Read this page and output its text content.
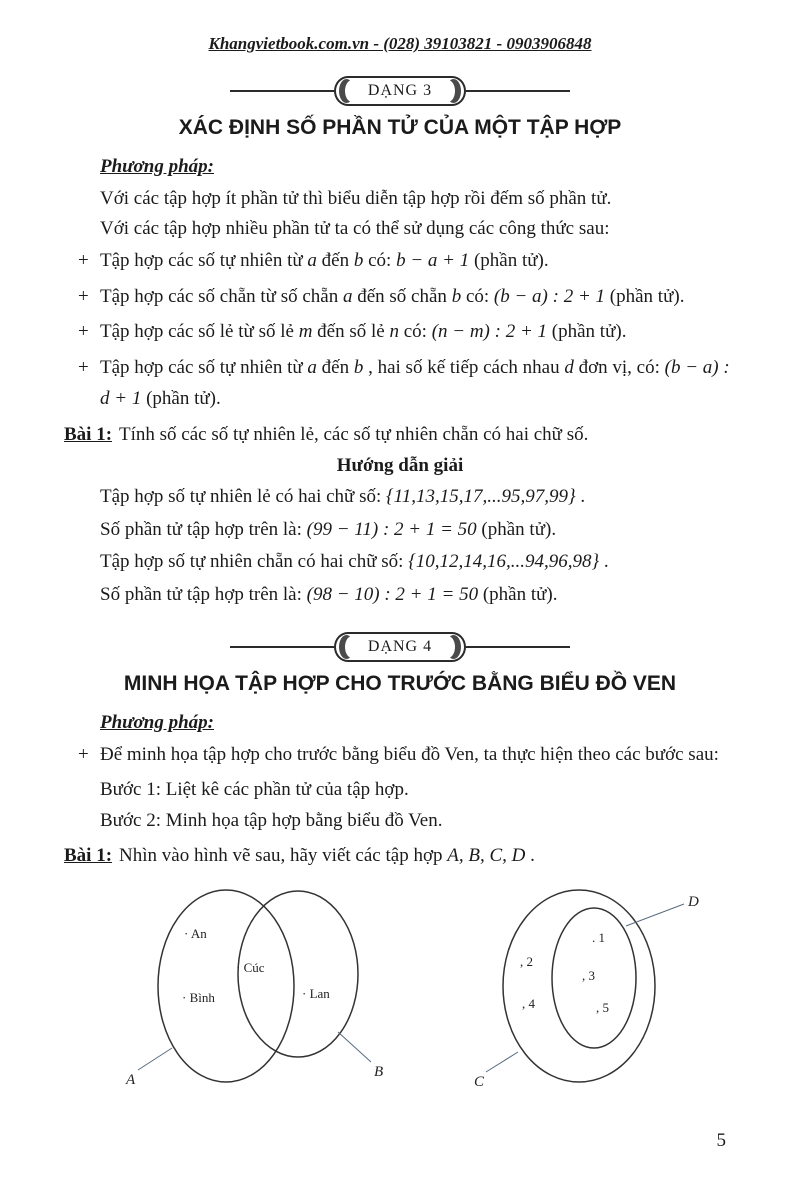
Khangvietbook.com.vn - (028) 39103821 - 0903906848
DẠNG 3
XÁC ĐỊNH SỐ PHẦN TỬ CỦA MỘT TẬP HỢP
Phương pháp:

Với các tập hợp ít phần tử thì biểu diễn tập hợp rồi đếm số phần tử.

Với các tập hợp nhiều phần tử ta có thể sử dụng các công thức sau:

+ Tập hợp các số tự nhiên từ a đến b có: b − a + 1 (phần tử).
+ Tập hợp các số chẵn từ số chẵn a đến số chẵn b có: (b − a) : 2 + 1 (phần tử).
+ Tập hợp các số lẻ từ số lẻ m đến số lẻ n có: (n − m) : 2 + 1 (phần tử).
+ Tập hợp các số tự nhiên từ a đến b , hai số kế tiếp cách nhau d đơn vị, có: (b − a) : d + 1 (phần tử).

Bài 1: Tính số các số tự nhiên lẻ, các số tự nhiên chẵn có hai chữ số.

Hướng dẫn giải

Tập hợp số tự nhiên lẻ có hai chữ số: {11,13,15,17,...95,97,99} .

Số phần tử tập hợp trên là: (99 − 11) : 2 + 1 = 50 (phần tử).

Tập hợp số tự nhiên chẵn có hai chữ số: {10,12,14,16,...94,96,98} .

Số phần tử tập hợp trên là: (98 − 10) : 2 + 1 = 50 (phần tử).

DẠNG 4
MINH HỌA TẬP HỢP CHO TRƯỚC BẰNG BIỂU ĐỒ VEN
Phương pháp:
+ Để minh họa tập hợp cho trước bằng biểu đồ Ven, ta thực hiện theo các bước sau:

Bước 1: Liệt kê các phần tử của tập hợp.

Bước 2: Minh họa tập hợp bằng biểu đồ Ven.

Bài 1: Nhìn vào hình vẽ sau, hãy viết các tập hợp A, B, C, D .

A	B
· An
· Cúc
· Bình	· Lan
D
C
. 1
, 2
, 3
, 4	, 5
5
